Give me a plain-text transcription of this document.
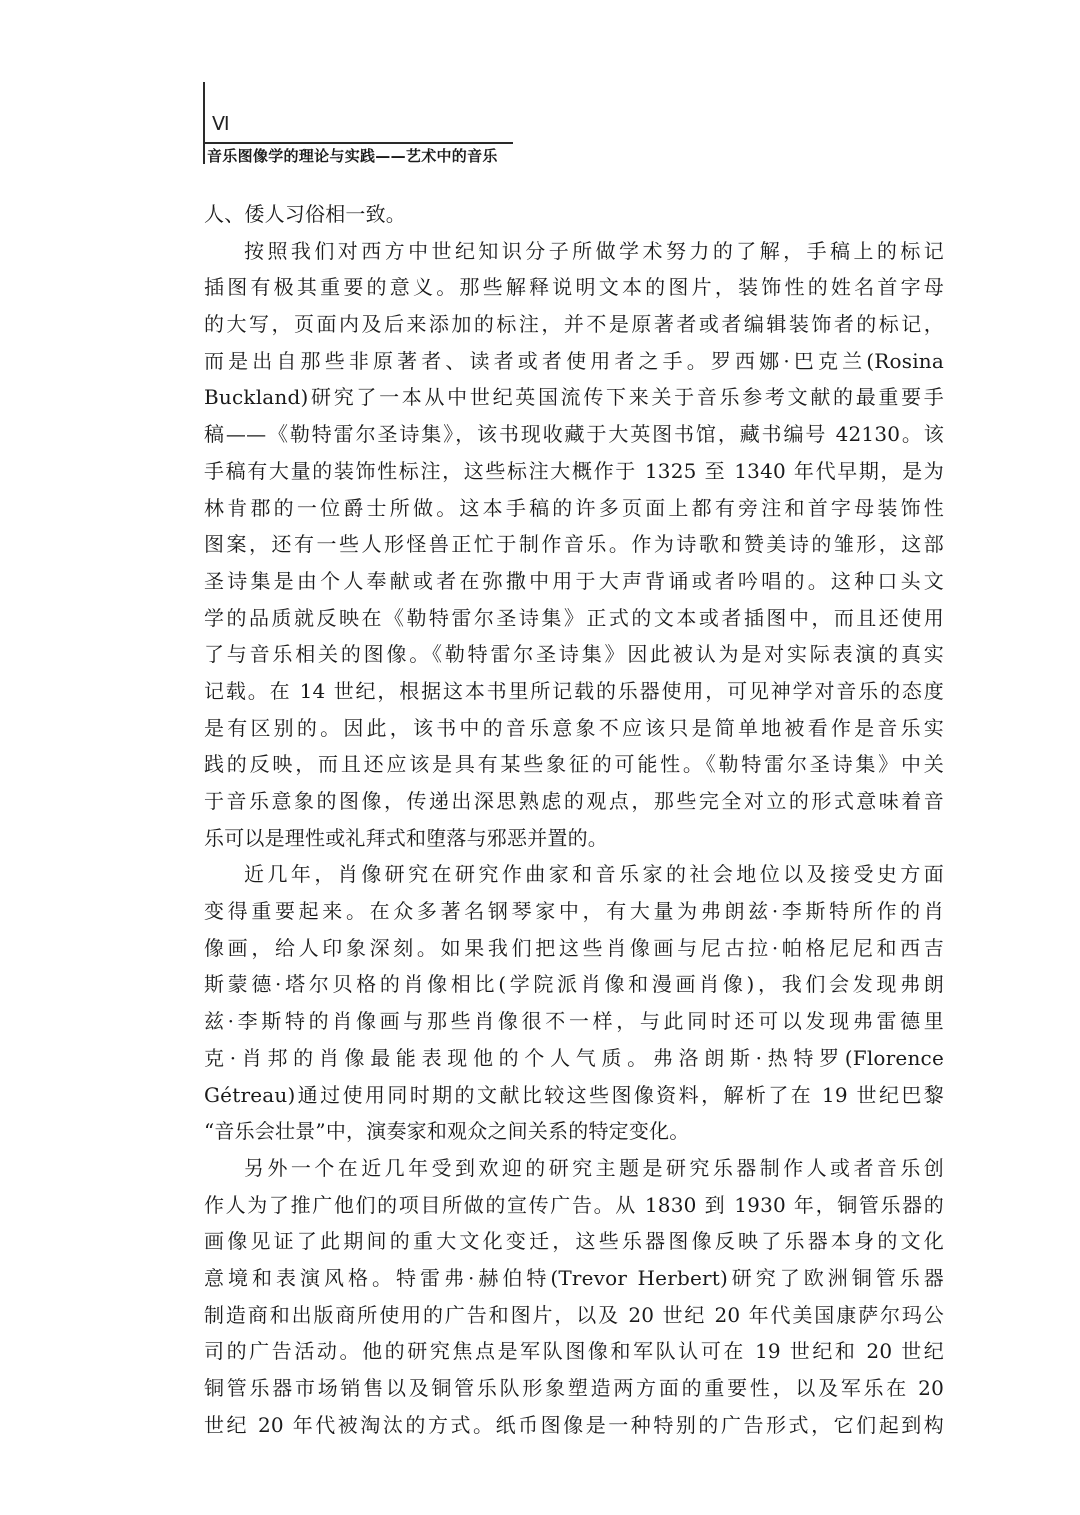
Ⅵ
音乐图像学的理论与实践——艺术中的音乐
人、倭人习俗相一致。
按照我们对西方中世纪知识分子所做学术努力的了解，手稿上的标记
插图有极其重要的意义。那些解释说明文本的图片，装饰性的姓名首字母
的大写，页面内及后来添加的标注，并不是原著者或者编辑装饰者的标记，
而是出自那些非原著者、读者或者使用者之手。罗西娜·巴克兰(Rosina
Buckland)研究了一本从中世纪英国流传下来关于音乐参考文献的最重要手
稿——《勒特雷尔圣诗集》，该书现收藏于大英图书馆，藏书编号 42130。该
手稿有大量的装饰性标注，这些标注大概作于 1325 至 1340 年代早期，是为
林肯郡的一位爵士所做。这本手稿的许多页面上都有旁注和首字母装饰性
图案，还有一些人形怪兽正忙于制作音乐。作为诗歌和赞美诗的雏形，这部
圣诗集是由个人奉献或者在弥撒中用于大声背诵或者吟唱的。这种口头文
学的品质就反映在《勒特雷尔圣诗集》正式的文本或者插图中，而且还使用
了与音乐相关的图像。《勒特雷尔圣诗集》因此被认为是对实际表演的真实
记载。在 14 世纪，根据这本书里所记载的乐器使用，可见神学对音乐的态度
是有区别的。因此，该书中的音乐意象不应该只是简单地被看作是音乐实
践的反映，而且还应该是具有某些象征的可能性。《勒特雷尔圣诗集》中关
于音乐意象的图像，传递出深思熟虑的观点，那些完全对立的形式意味着音
乐可以是理性或礼拜式和堕落与邪恶并置的。
近几年，肖像研究在研究作曲家和音乐家的社会地位以及接受史方面
变得重要起来。在众多著名钢琴家中，有大量为弗朗兹·李斯特所作的肖
像画，给人印象深刻。如果我们把这些肖像画与尼古拉·帕格尼尼和西吉
斯蒙德·塔尔贝格的肖像相比(学院派肖像和漫画肖像)，我们会发现弗朗
兹·李斯特的肖像画与那些肖像很不一样，与此同时还可以发现弗雷德里
克·肖邦的肖像最能表现他的个人气质。弗洛朗斯·热特罗(Florence
Gétreau)通过使用同时期的文献比较这些图像资料，解析了在 19 世纪巴黎
“音乐会壮景”中，演奏家和观众之间关系的特定变化。
另外一个在近几年受到欢迎的研究主题是研究乐器制作人或者音乐创
作人为了推广他们的项目所做的宣传广告。从 1830 到 1930 年，铜管乐器的
画像见证了此期间的重大文化变迁，这些乐器图像反映了乐器本身的文化
意境和表演风格。特雷弗·赫伯特(Trevor Herbert)研究了欧洲铜管乐器
制造商和出版商所使用的广告和图片，以及 20 世纪 20 年代美国康萨尔玛公
司的广告活动。他的研究焦点是军队图像和军队认可在 19 世纪和 20 世纪
铜管乐器市场销售以及铜管乐队形象塑造两方面的重要性，以及军乐在 20
世纪 20 年代被淘汰的方式。纸币图像是一种特别的广告形式，它们起到构
